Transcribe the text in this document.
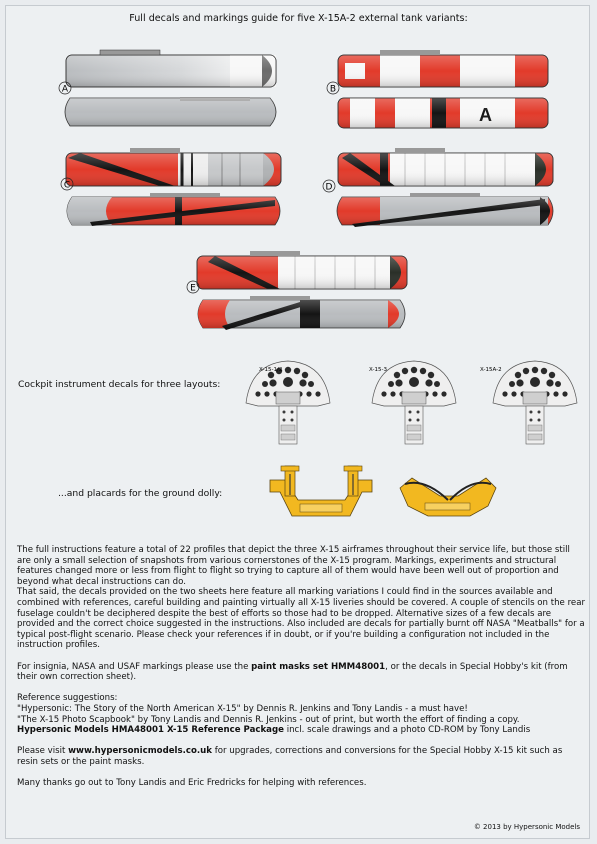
Full decals and markings guide for five X-15A-2 external tank variants:
A	B
C	D
E
X-15-1/2	X-15-3	X-15A-2
Cockpit instrument decals for three layouts:
...and placards for the ground dolly:

The full instructions feature a total of 22 profiles that depict the three X-15 airframes throughout their service life, but those still are only a small selection of snapshots from various cornerstones of the X-15 program. Markings, experiments and structural features changed more or less from flight to flight so trying to capture all of them would have been well out of proportion and beyond what decal instructions can do.

That said, the decals provided on the two sheets here feature all marking variations I could find in the sources available and combined with references, careful building and painting virtually all X-15 liveries should be covered. A couple of stencils on the rear fuselage couldn't be deciphered despite the best of efforts so those had to be dropped. Alternative sizes of a few decals are provided and the correct choice suggested in the instructions. Also included are decals for partially burnt off NASA "Meatballs" for a typical post-flight scenario. Please check your references if in doubt, or if you're building a configuration not included in the instruction profiles.

For insignia, NASA and USAF markings please use the paint masks set HMM48001, or the decals in Special Hobby's kit (from their own correction sheet).

Reference suggestions:
"Hypersonic: The Story of the North American X-15" by Dennis R. Jenkins and Tony Landis - a must have!
"The X-15 Photo Scapbook" by Tony Landis and Dennis R. Jenkins - out of print, but worth the effort of finding a copy.
Hypersonic Models HMA48001 X-15 Reference Package incl. scale drawings and a photo CD-ROM by Tony Landis

Please visit www.hypersonicmodels.co.uk for upgrades, corrections and conversions for the Special Hobby X-15 kit such as resin sets or the paint masks.

Many thanks go out to Tony Landis and Eric Fredricks for helping with references.

© 2013 by Hypersonic Models
